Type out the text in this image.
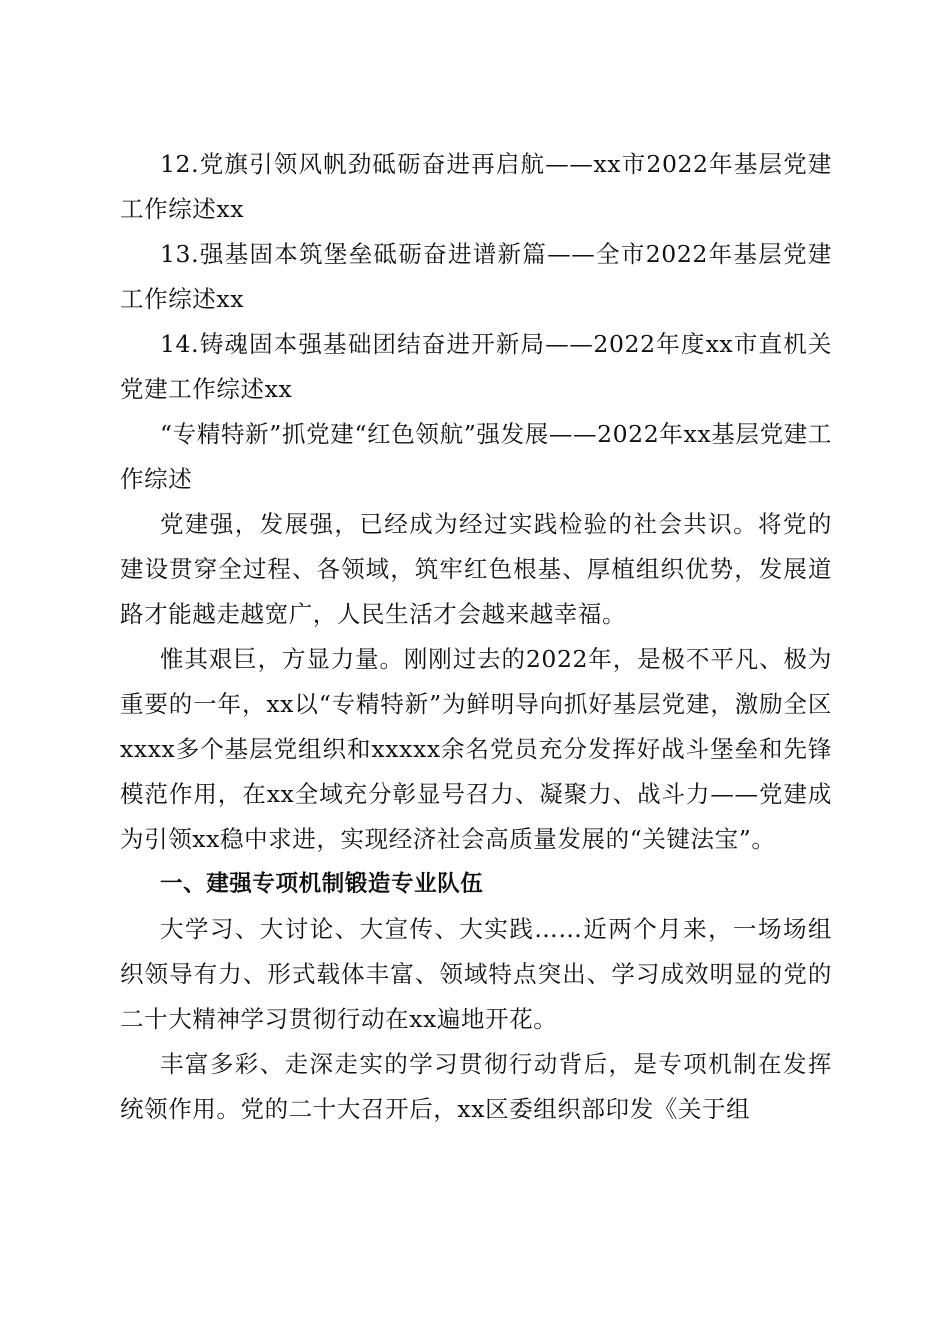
12.党旗引领风帆劲砥砺奋进再启航——xx市2022年基层党建工作综述xx

13.强基固本筑堡垒砥砺奋进谱新篇——全市2022年基层党建工作综述xx

14.铸魂固本强基础团结奋进开新局——2022年度xx市直机关党建工作综述xx

“专精特新”抓党建“红色领航”强发展——2022年xx基层党建工作综述

党建强，发展强，已经成为经过实践检验的社会共识。将党的建设贯穿全过程、各领域，筑牢红色根基、厚植组织优势，发展道路才能越走越宽广，人民生活才会越来越幸福。

惟其艰巨，方显力量。刚刚过去的2022年，是极不平凡、极为重要的一年，xx以“专精特新”为鲜明导向抓好基层党建，激励全区xxxx多个基层党组织和xxxxx余名党员充分发挥好战斗堡垒和先锋模范作用，在xx全域充分彰显号召力、凝聚力、战斗力——党建成为引领xx稳中求进，实现经济社会高质量发展的“关键法宝”。

一、建强专项机制锻造专业队伍

大学习、大讨论、大宣传、大实践……近两个月来，一场场组织领导有力、形式载体丰富、领域特点突出、学习成效明显的党的二十大精神学习贯彻行动在xx遍地开花。

丰富多彩、走深走实的学习贯彻行动背后，是专项机制在发挥统领作用。党的二十大召开后，xx区委组织部印发《关于组
